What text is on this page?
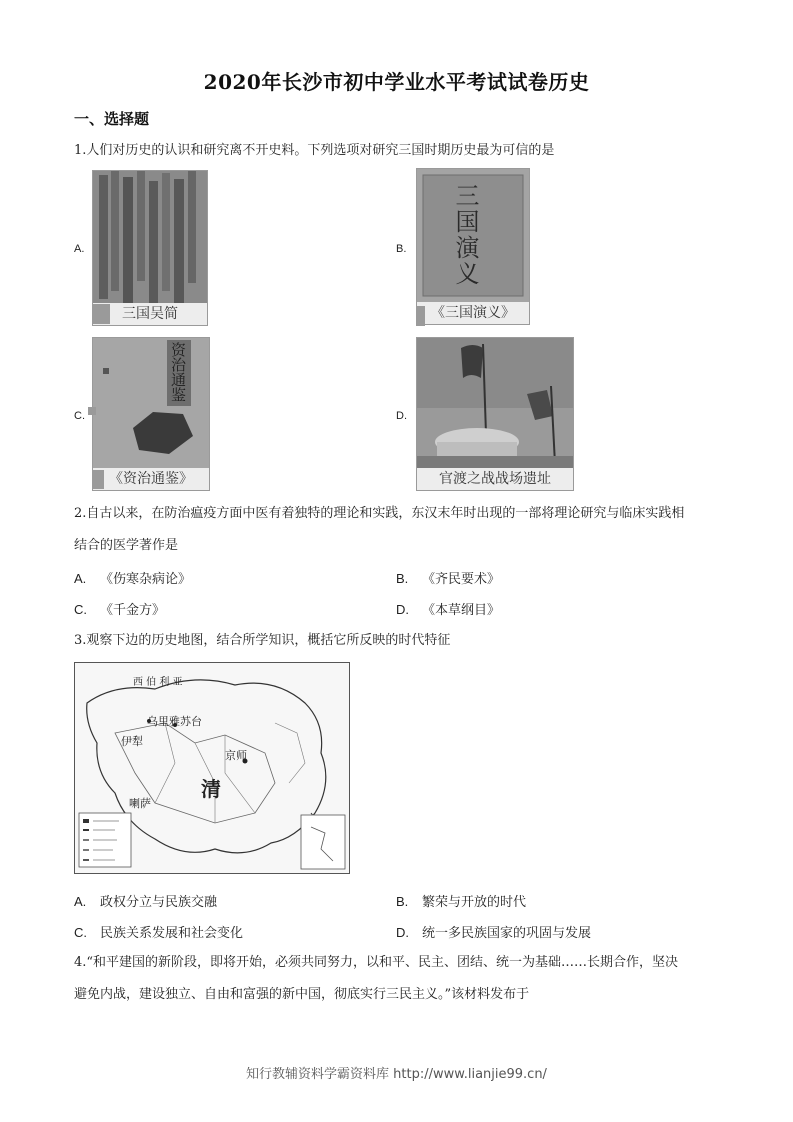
2020年长沙市初中学业水平考试试卷历史
一、选择题
1.人们对历史的认识和研究离不开史料。下列选项对研究三国时期历史最为可信的是
A.
三国吴简
B. 三国演义
《三国演义》
C.
资治通鉴
《资治通鉴》
D.
官渡之战战场遗址
2.自古以来，在防治瘟疫方面中医有着独特的理论和实践，东汉末年时出现的一部将理论研究与临床实践相
结合的医学著作是
A. 《伤寒杂病论》	B. 《齐民要术》
C. 《千金方》	D. 《本草纲目》
3.观察下边的历史地图，结合所学知识，概括它所反映的时代特征
西 伯 利 亚
乌里雅苏台
伊犁
京师
清
喇萨
A. 政权分立与民族交融	B. 繁荣与开放的时代
C. 民族关系发展和社会变化	D. 统一多民族国家的巩固与发展
4.“和平建国的新阶段，即将开始，必须共同努力，以和平、民主、团结、统一为基础……长期合作，坚决
避免内战，建设独立、自由和富强的新中国，彻底实行三民主义。”该材料发布于
知行教辅资料学霸资料库 http://www.lianjie99.cn/
